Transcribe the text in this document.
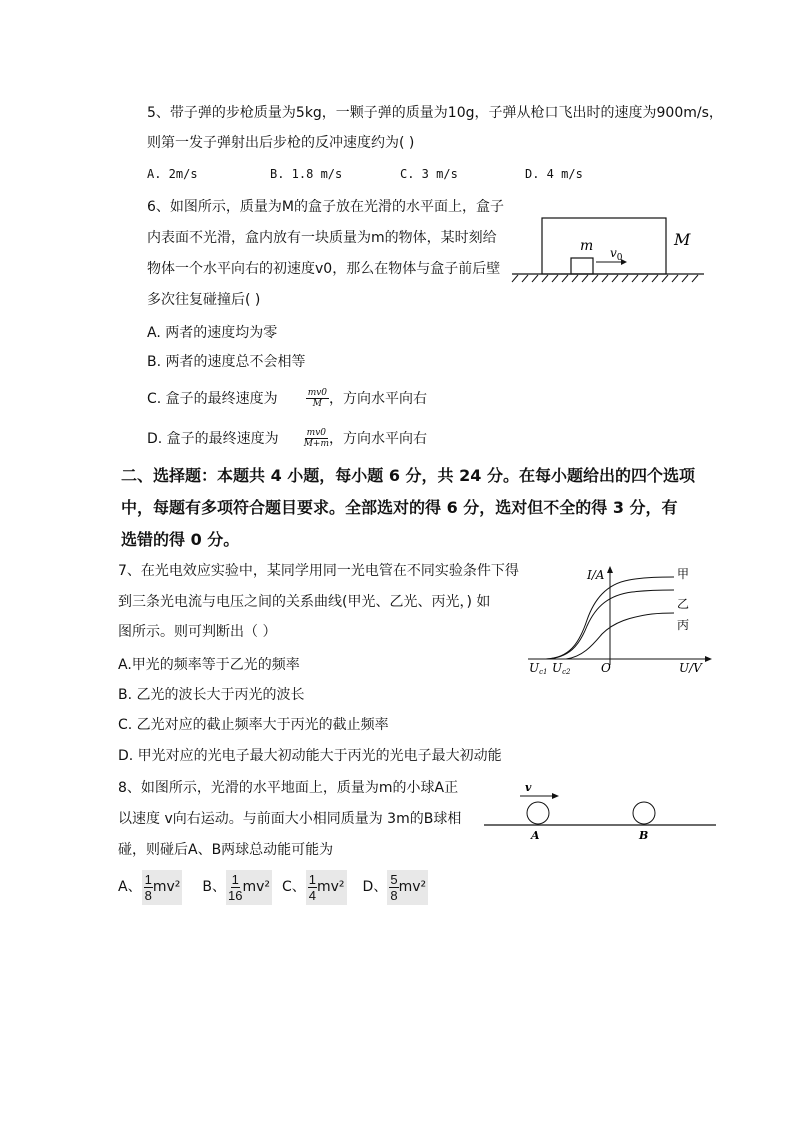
5、带子弹的步枪质量为5kg，一颗子弹的质量为10g，子弹从枪口飞出时的速度为900m/s，
则第一发子弹射出后步枪的反冲速度约为( )
A. 2m/s	B. 1.8 m/s	C. 3 m/s	D. 4 m/s
6、如图所示，质量为M的盒子放在光滑的水平面上，盒子
内表面不光滑，盒内放有一块质量为m的物体，某时刻给
物体一个水平向右的初速度v0，那么在物体与盒子前后壁
多次往复碰撞后( )
m $v_0$
M
A. 两者的速度均为零
B. 两者的速度总不会相等
C. 盒子的最终速度为	$\frac{mv0}{M}$ ，方向水平向右
D. 盒子的最终速度为	$\frac{mv0}{M+m}$ ，方向水平向右
二、选择题：本题共 4 小题，每小题 6 分，共 24 分。在每小题给出的四个选项
中，每题有多项符合题目要求。全部选对的得 6 分，选对但不全的得 3 分，有
选错的得 0 分。
7、在光电效应实验中，某同学用同一光电管在不同实验条件下得
到三条光电流与电压之间的关系曲线(甲光、乙光、丙光，) 如
图所示。则可判断出（ ）
I/A
U/V
O
Uc1 Uc2
甲
乙
丙
A.甲光的频率等于乙光的频率
B. 乙光的波长大于丙光的波长
C. 乙光对应的截止频率大于丙光的截止频率
D. 甲光对应的光电子最大初动能大于丙光的光电子最大初动能
8、如图所示，光滑的水平地面上，质量为m的小球A正
以速度 v向右运动。与前面大小相同质量为 3m的B球相
碰，则碰后A、B两球总动能可能为
v
A	B
A、 1
8 mv² B、 1
16 mv² C、 1
4 mv² D、 5
8 mv²
